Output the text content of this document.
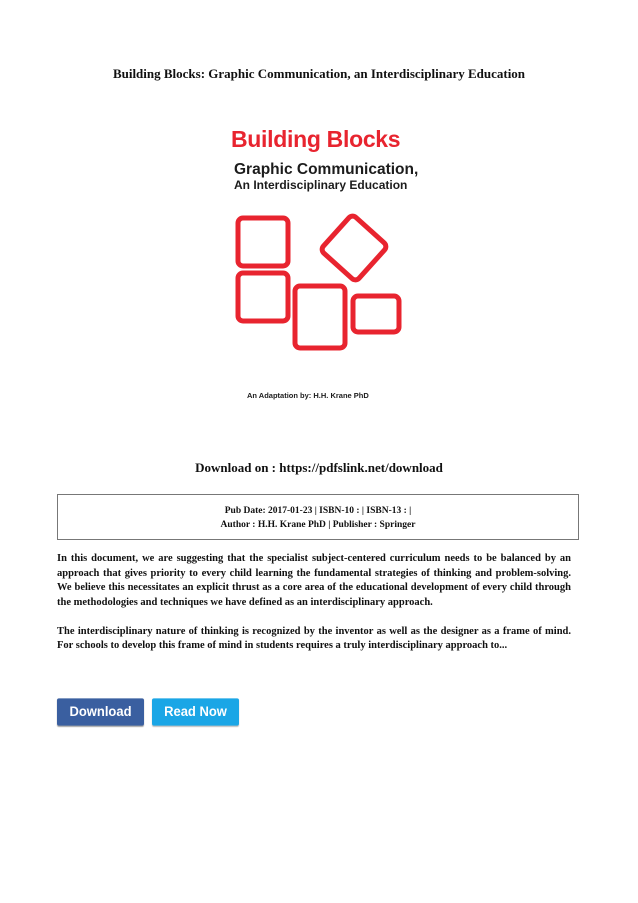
Building Blocks: Graphic Communication, an Interdisciplinary Education
Building Blocks
Graphic Communication,
An Interdisciplinary Education
An Adaptation by: H.H. Krane PhD
Download on : https://pdfslink.net/download
Pub Date: 2017-01-23 | ISBN-10 : | ISBN-13 : |
Author : H.H. Krane PhD | Publisher : Springer

In this document, we are suggesting that the specialist subject-centered curriculum needs to be balanced by an approach that gives priority to every child learning the fundamental strategies of thinking and problem-solving. We believe this necessitates an explicit thrust as a core area of the educational development of every child through the methodologies and techniques we have defined as an interdisciplinary approach.

The interdisciplinary nature of thinking is recognized by the inventor as well as the designer as a frame of mind. For schools to develop this frame of mind in students requires a truly interdisciplinary approach to...

Download	Read Now
